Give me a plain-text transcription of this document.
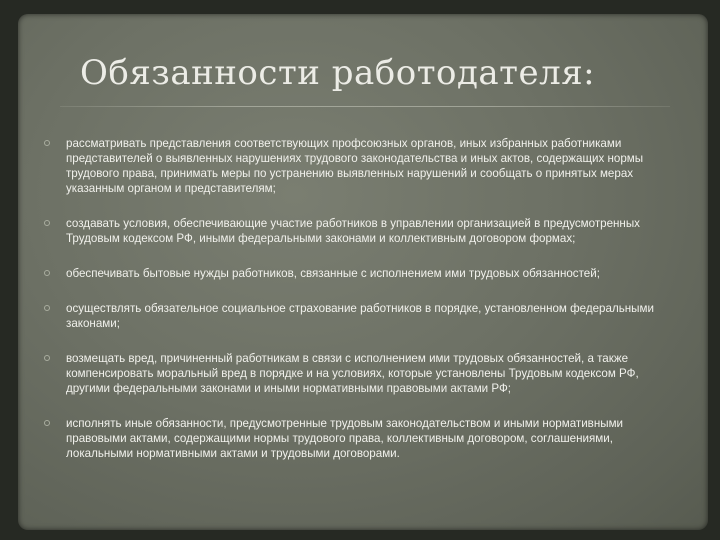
Обязанности работодателя:
рассматривать представления соответствующих профсоюзных органов, иных избранных работниками представителей о выявленных нарушениях трудового законодательства и иных актов, содержащих нормы трудового права, принимать меры по устранению выявленных нарушений и сообщать о принятых мерах указанным органом и представителям;
создавать условия, обеспечивающие участие работников в управлении организацией в предусмотренных Трудовым кодексом РФ, иными федеральными законами и коллективным договором формах;
обеспечивать бытовые нужды работников, связанные с исполнением ими трудовых обязанностей;
осуществлять обязательное социальное страхование работников в порядке, установленном федеральными законами;
возмещать вред, причиненный работникам в связи с исполнением ими трудовых обязанностей, а также компенсировать моральный вред в порядке и на условиях, которые установлены Трудовым кодексом РФ, другими федеральными законами и иными нормативными правовыми актами РФ;
исполнять иные обязанности, предусмотренные трудовым законодательством и иными нормативными правовыми актами, содержащими нормы трудового права, коллективным договором, соглашениями, локальными нормативными актами и трудовыми договорами.
